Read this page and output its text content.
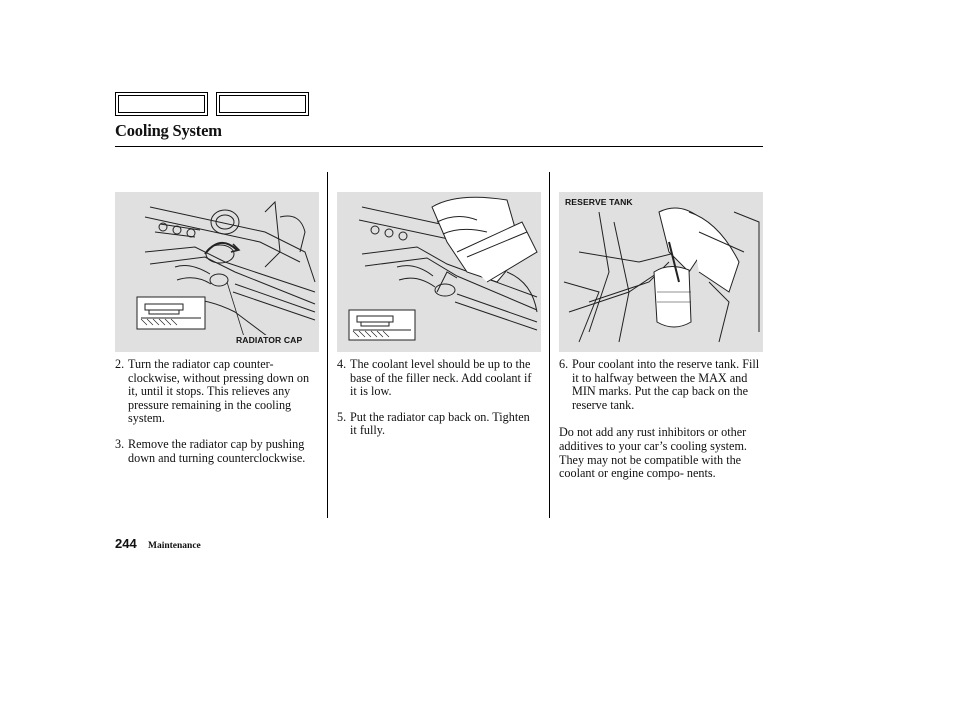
Cooling System
RADIATOR CAP
RESERVE TANK
2. Turn the radiator cap counter- clockwise, without pressing down on it, until it stops. This relieves any pressure remaining in the cooling system.
3. Remove the radiator cap by pushing down and turning counterclockwise.
4. The coolant level should be up to the base of the filler neck. Add coolant if it is low.
5. Put the radiator cap back on. Tighten it fully.
6. Pour coolant into the reserve tank. Fill it to halfway between the MAX and MIN marks. Put the cap back on the reserve tank.

Do not add any rust inhibitors or other additives to your car’s cooling system. They may not be compatible with the coolant or engine compo- nents.

244 Maintenance
